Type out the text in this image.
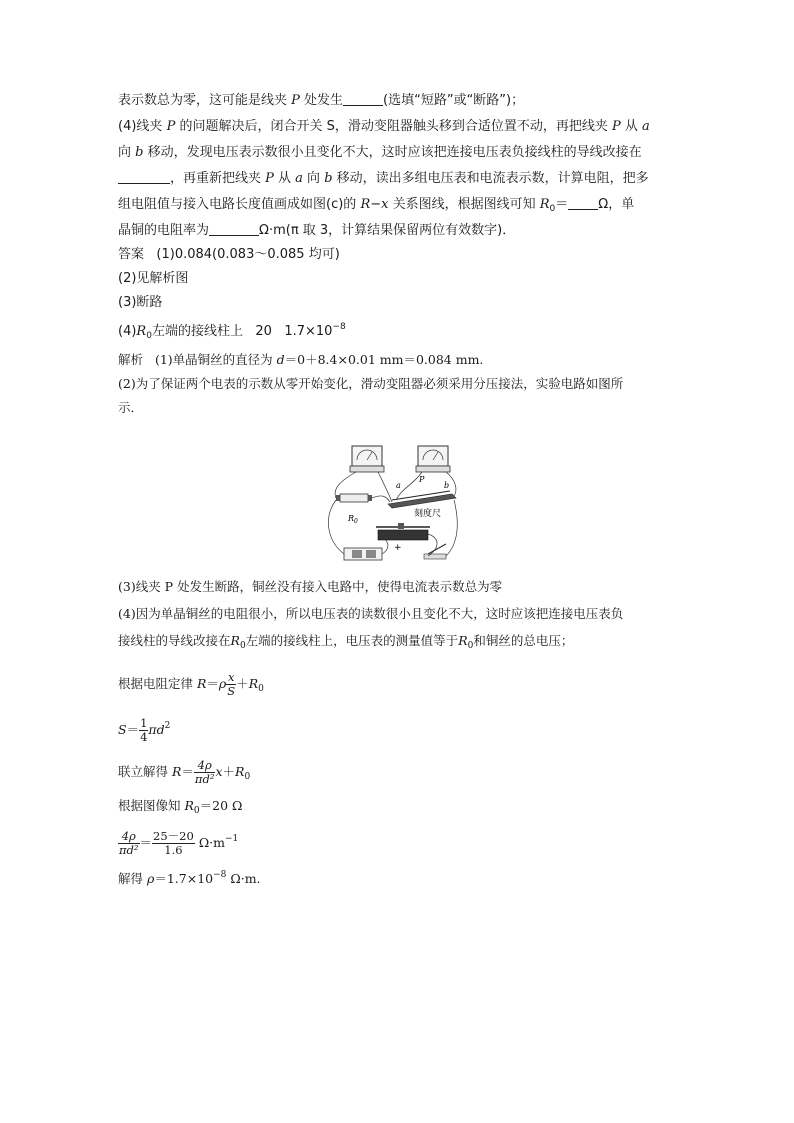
表示数总为零，这可能是线夹 P 处发生	(选填“短路”或“断路”)；
(4)线夹 P 的问题解决后，闭合开关 S，滑动变阻器触头移到合适位置不动，再把线夹 P 从 a
向 b 移动，发现电压表示数很小且变化不大，这时应该把连接电压表负接线柱的导线改接在
，再重新把线夹 P 从 a 向 b 移动，读出多组电压表和电流表示数，计算电阻，把多
组电阻值与接入电路长度值画成如图(c)的 R−x 关系图线，根据图线可知 $R_0= \Omega$，单
晶铜的电阻率为	Ω·m(π 取 3，计算结果保留两位有效数字)．
答案 (1)0.084(0.083～0.085 均可)
(2)见解析图
(3)断路
$(4)R_0$左端的接线柱上 20 $1.7\times 10^{-8}$
解析 (1)单晶铜丝的直径为 d＝0＋8.4×0.01 mm＝0.084 mm.
(2)为了保证两个电表的示数从零开始变化，滑动变阻器必须采用分压接法，实验电路如图所
示．
$R_0$
a
P
b
刻度尺
+
(3)线夹 P 处发生断路，铜丝没有接入电路中，使得电流表示数总为零
(4)因为单晶铜丝的电阻很小，所以电压表的读数很小且变化不大，这时应该把连接电压表负
接线柱的导线改接在$R_0$左端的接线柱上，电压表的测量值等于$R_0$和铜丝的总电压；
根据电阻定律 $R=\rho \frac{x}{S} +R_0$
$S= \frac{1}{4} \pi d^2$
联立解得 $R= \frac{4\rho}{\text{πd²}} x+R_0$
根据图像知 $R_0=20$ Ω
$\frac{4\rho}{\text{πd²}} = \frac{25-20}{1.6} \Omega\cdot m^{-1}$
解得 $\rho=1.7\times 10^{-8}$ Ω·m.
